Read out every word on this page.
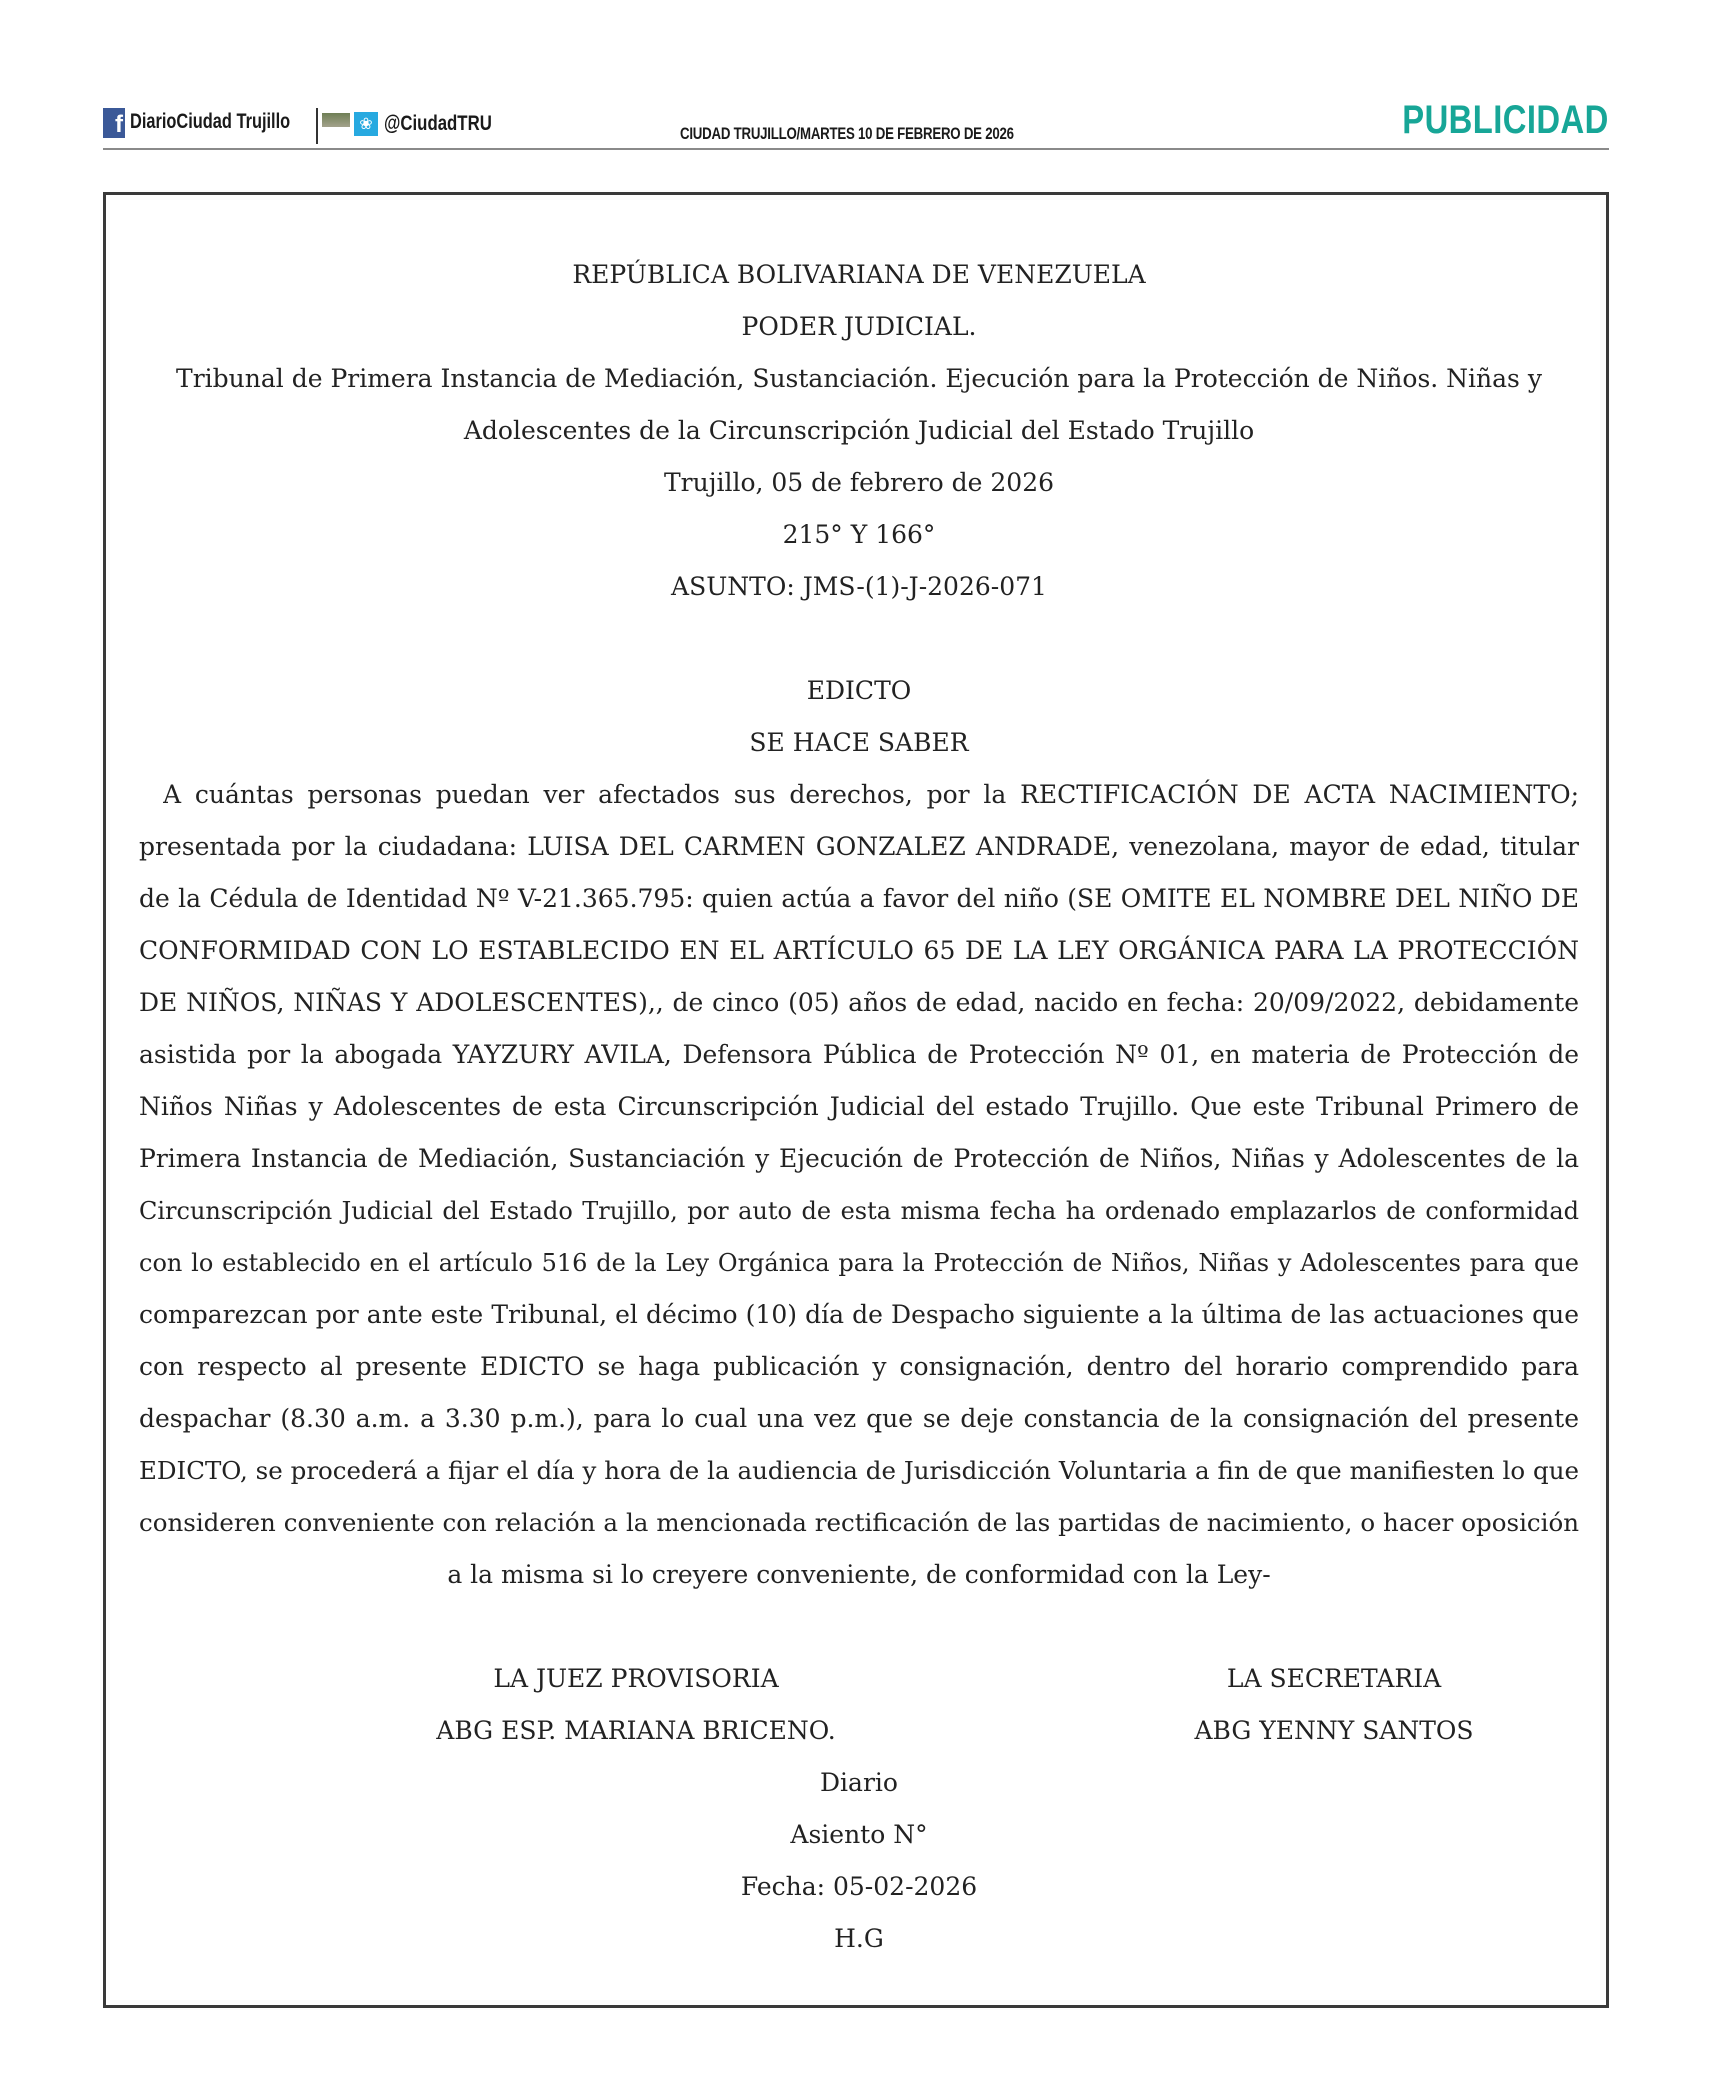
f DiarioCiudad Trujillo	❀ @CiudadTRU	CIUDAD TRUJILLO/MARTES 10 DE FEBRERO DE 2026	PUBLICIDAD
REPÚBLICA BOLIVARIANA DE VENEZUELA
PODER JUDICIAL.
Tribunal de Primera Instancia de Mediación, Sustanciación. Ejecución para la Protección de Niños. Niñas y
Adolescentes de la Circunscripción Judicial del Estado Trujillo
Trujillo, 05 de febrero de 2026
215° Y 166°
ASUNTO: JMS-(1)-J-2026-071
EDICTO
SE HACE SABER
A cuántas personas puedan ver afectados sus derechos, por la RECTIFICACIÓN DE ACTA NACIMIENTO;
presentada por la ciudadana: LUISA DEL CARMEN GONZALEZ ANDRADE, venezolana, mayor de edad, titular
de la Cédula de Identidad Nº V-21.365.795: quien actúa a favor del niño (SE OMITE EL NOMBRE DEL NIÑO DE
CONFORMIDAD CON LO ESTABLECIDO EN EL ARTÍCULO 65 DE LA LEY ORGÁNICA PARA LA PROTECCIÓN
DE NIÑOS, NIÑAS Y ADOLESCENTES),, de cinco (05) años de edad, nacido en fecha: 20/09/2022, debidamente
asistida por la abogada YAYZURY AVILA, Defensora Pública de Protección Nº 01, en materia de Protección de
Niños Niñas y Adolescentes de esta Circunscripción Judicial del estado Trujillo. Que este Tribunal Primero de
Primera Instancia de Mediación, Sustanciación y Ejecución de Protección de Niños, Niñas y Adolescentes de la
Circunscripción Judicial del Estado Trujillo, por auto de esta misma fecha ha ordenado emplazarlos de conformidad
con lo establecido en el artículo 516 de la Ley Orgánica para la Protección de Niños, Niñas y Adolescentes para que
comparezcan por ante este Tribunal, el décimo (10) día de Despacho siguiente a la última de las actuaciones que
con respecto al presente EDICTO se haga publicación y consignación, dentro del horario comprendido para
despachar (8.30 a.m. a 3.30 p.m.), para lo cual una vez que se deje constancia de la consignación del presente
EDICTO, se procederá a fijar el día y hora de la audiencia de Jurisdicción Voluntaria a fin de que manifiesten lo que
consideren conveniente con relación a la mencionada rectificación de las partidas de nacimiento, o hacer oposición
a la misma si lo creyere conveniente, de conformidad con la Ley-
LA JUEZ PROVISORIA
ABG ESP. MARIANA BRICENO.
LA SECRETARIA
ABG YENNY SANTOS
Diario
Asiento N°
Fecha: 05-02-2026
H.G
